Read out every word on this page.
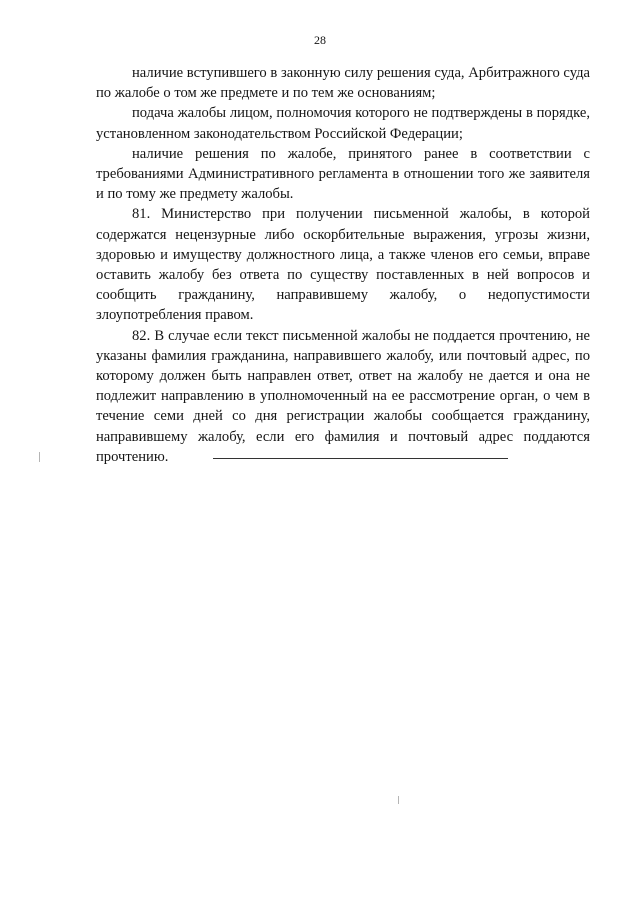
28

наличие вступившего в законную силу решения суда, Арбитражного суда по жалобе о том же предмете и по тем же основаниям;

подача жалобы лицом, полномочия которого не подтверждены в порядке, установленном законодательством Российской Федерации;

наличие решения по жалобе, принятого ранее в соответствии с требованиями Административного регламента в отношении того же заявителя и по тому же предмету жалобы.

81. Министерство при получении письменной жалобы, в которой содержатся нецензурные либо оскорбительные выражения, угрозы жизни, здоровью и имуществу должностного лица, а также членов его семьи, вправе оставить жалобу без ответа по существу поставленных в ней вопросов и сообщить гражданину, направившему жалобу, о недопустимости злоупотребления правом.

82. В случае если текст письменной жалобы не поддается прочтению, не указаны фамилия гражданина, направившего жалобу, или почтовый адрес, по которому должен быть направлен ответ, ответ на жалобу не дается и она не подлежит направлению в уполномоченный на ее рассмотрение орган, о чем в течение семи дней со дня регистрации жалобы сообщается гражданину, направившему жалобу, если его фамилия и почтовый адрес поддаются прочтению.
